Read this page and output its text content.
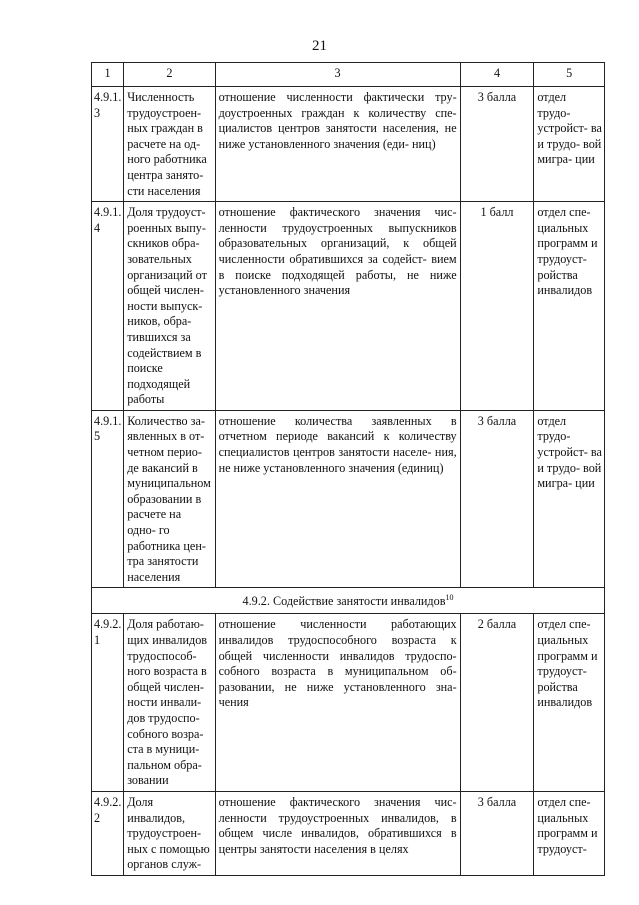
21
1	2	3	4	5
4.9.1. 3	Численность трудоустроен- ных граждан в расчете на од- ного работника центра занято- сти населения	отношение численности фактически тру- доустроенных граждан к количеству спе- циалистов центров занятости населения, не ниже установленного значения (еди- ниц)	3 балла	отдел трудо- устройст- ва и трудо- вой мигра- ции
4.9.1. 4	Доля трудоуст- роенных выпу- скников обра- зовательных организаций от общей числен- ности выпуск- ников, обра- тившихся за содействием в поиске подходящей работы	отношение фактического значения чис- ленности трудоустроенных выпускников образовательных организаций, к общей численности обратившихся за содейст- вием в поиске подходящей работы, не ниже установленного значения	1 балл	отдел спе- циальных программ и трудоуст- ройства инвалидов
4.9.1. 5	Количество за- явленных в от- четном перио- де вакансий в муниципальном образовании в расчете на одно- го работника цен- тра занятости населения	отношение количества заявленных в отчетном периоде вакансий к количеству специалистов центров занятости населе- ния, не ниже установленного значения (единиц)	3 балла	отдел трудо- устройст- ва и трудо- вой мигра- ции
4.9.2. Содействие занятости инвалидов$^{10}$
4.9.2. 1	Доля работаю- щих инвалидов трудоспособ- ного возраста в общей числен- ности инвали- дов трудоспо- собного возра- ста в муници- пальном обра- зовании	отношение численности работающих инвалидов трудоспособного возраста к общей численности инвалидов трудоспо- собного возраста в муниципальном об- разовании, не ниже установленного зна- чения	2 балла	отдел спе- циальных программ и трудоуст- ройства инвалидов
4.9.2. 2	Доля инвалидов, трудоустроен- ных с помощью органов служ-	отношение фактического значения чис- ленности трудоустроенных инвалидов, в общем числе инвалидов, обратившихся в центры занятости населения в целях	3 балла	отдел спе- циальных программ и трудоуст-
